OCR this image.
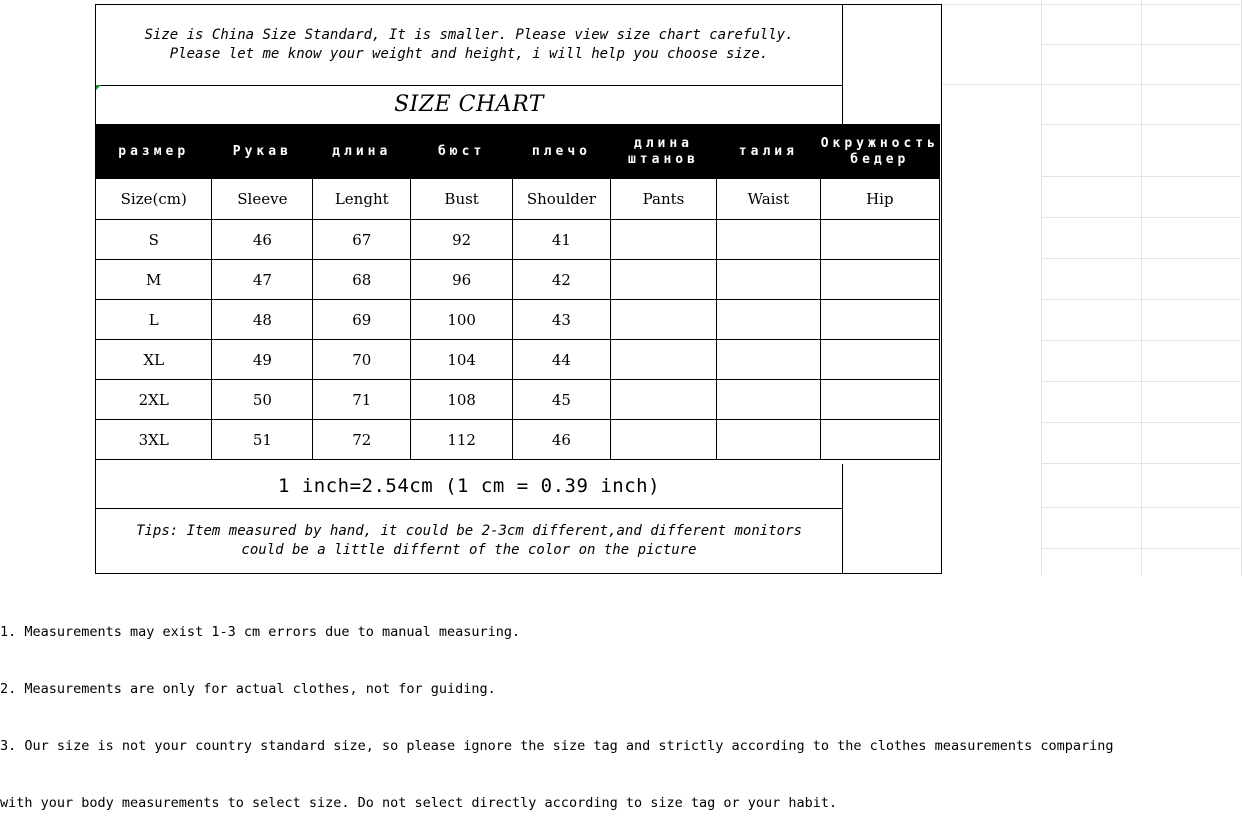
Size is China Size Standard, It is smaller. Please view size chart carefully.
Please let me know your weight and height, i will help you choose size.
SIZE CHART
размер	Рукав	длина	бюст	плечо	длина штанов	талия	Окружность бедер
Size(cm)	Sleeve	Lenght	Bust	Shoulder	Pants	Waist	Hip
S	46	67	92	41			
M	47	68	96	42			
L	48	69	100	43			
XL	49	70	104	44			
2XL	50	71	108	45			
3XL	51	72	112	46			
1 inch=2.54cm (1 cm = 0.39 inch)
Tips: Item measured by hand, it could be 2-3cm different,and different monitors
could be a little differnt of the color on the picture

1. Measurements may exist 1-3 cm errors due to manual measuring.

2. Measurements are only for actual clothes, not for guiding.

3. Our size is not your country standard size, so please ignore the size tag and strictly according to the clothes measurements comparing

with your body measurements to select size. Do not select directly according to size tag or your habit.
